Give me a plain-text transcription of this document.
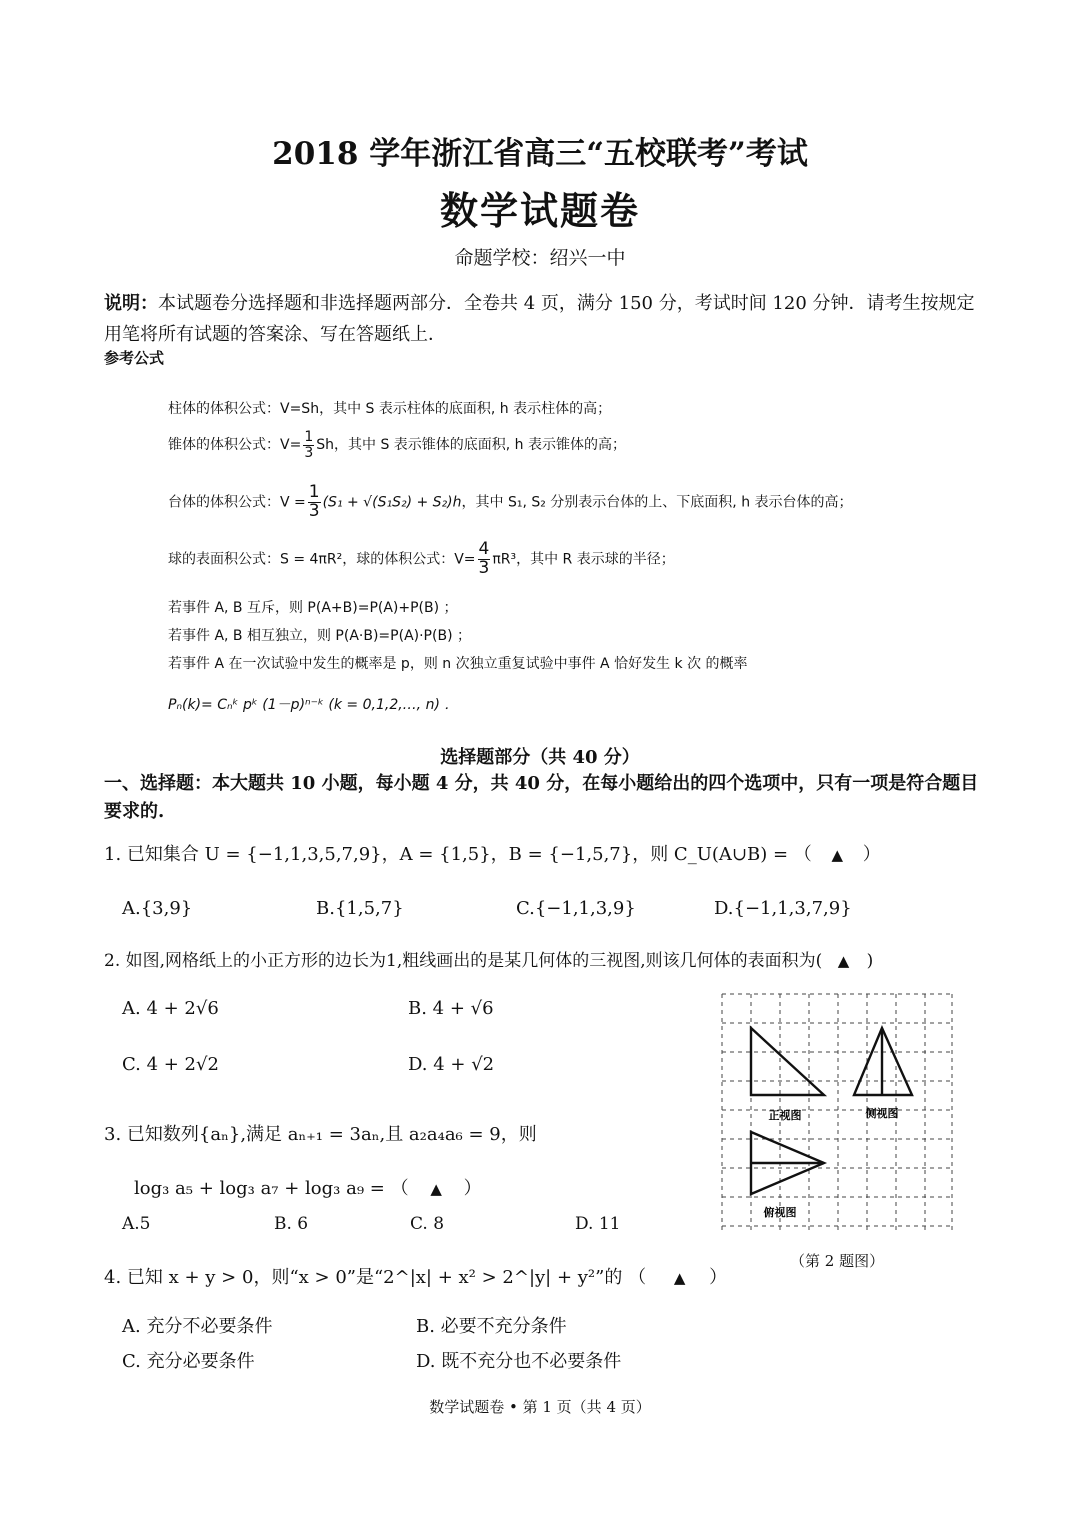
2018 学年浙江省高三“五校联考”考试
数学试题卷
命题学校：绍兴一中
说明：本试题卷分选择题和非选择题两部分．全卷共 4 页，满分 150 分，考试时间 120 分钟．请考生按规定用笔将所有试题的答案涂、写在答题纸上．
参考公式
柱体的体积公式：V=Sh，其中 S 表示柱体的底面积, h 表示柱体的高；
锥体的体积公式：$V= \frac{1}{3}$ Sh，其中 S 表示锥体的底面积, h 表示锥体的高；
台体的体积公式：$V = \frac{1}{3} (S_1 + √(S_1S_2) + S_2)h$，其中 S₁, S₂ 分别表示台体的上、下底面积, h 表示台体的高；
球的表面积公式：S = 4πR²，球的体积公式：$V= \frac{4}{3} \pi R^3$，其中 R 表示球的半径；
若事件 A, B 互斥，则 P(A+B)=P(A)+P(B) ；
若事件 A, B 相互独立，则 P(A·B)=P(A)·P(B) ；
若事件 A 在一次试验中发生的概率是 p，则 n 次独立重复试验中事件 A 恰好发生 k 次 的概率
Pₙ(k)= Cₙᵏ pᵏ (1－p)ⁿ⁻ᵏ (k = 0,1,2,…, n) ．
选择题部分（共 40 分）
一、选择题：本大题共 10 小题，每小题 4 分，共 40 分，在每小题给出的四个选项中，只有一项是符合题目要求的.
1. 已知集合 U = {−1,1,3,5,7,9}，A = {1,5}，B = {−1,5,7}，则 C_U(A∪B) = （ ▲ ）
A.{3,9}	B.{1,5,7}	C.{−1,1,3,9}	D.{−1,1,3,7,9}
2. 如图,网格纸上的小正方形的边长为1,粗线画出的是某几何体的三视图,则该几何体的表面积为( ▲ )
A. 4 + 2√6	B. 4 + √6
C. 4 + 2√2	D. 4 + √2
正视图	侧视图
俯视图
（第 2 题图）
3. 已知数列{aₙ},满足 aₙ₊₁ = 3aₙ,且 a₂a₄a₆ = 9，则
log₃ a₅ + log₃ a₇ + log₃ a₉ = （ ▲ ）
A.5	B. 6	C. 8	D. 11
4. 已知 x + y > 0，则“x > 0”是“2^|x| + x² > 2^|y| + y²”的 （ ▲ ）
A. 充分不必要条件	B. 必要不充分条件
C. 充分必要条件	D. 既不充分也不必要条件
数学试题卷 • 第 1 页（共 4 页）
